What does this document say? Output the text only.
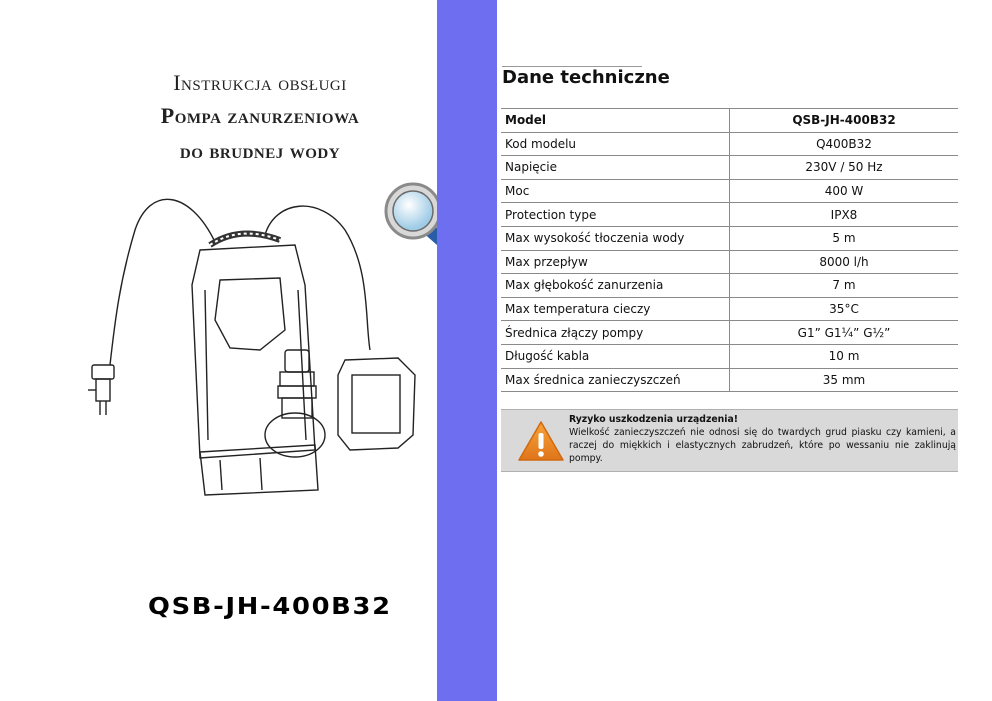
Instrukcja obsługi
Pompa zanurzeniowa
do brudnej wody
QSB-JH-400B32
Dane techniczne
Model	QSB-JH-400B32
Kod modelu	Q400B32
Napięcie	230V / 50 Hz
Moc	400 W
Protection type	IPX8
Max wysokość tłoczenia wody	5 m
Max przepływ	8000 l/h
Max głębokość zanurzenia	7 m
Max temperatura cieczy	35°C
Średnica złączy pompy	G1” G1¼” G½”
Długość kabla	10 m
Max średnica zanieczyszczeń	35 mm
Ryzyko uszkodzenia urządzenia!
Wielkość zanieczyszczeń nie odnosi się do twardych grud piasku czy kamieni, a raczej do miękkich i elastycznych zabrudzeń, które po wessaniu nie zaklinują pompy.
